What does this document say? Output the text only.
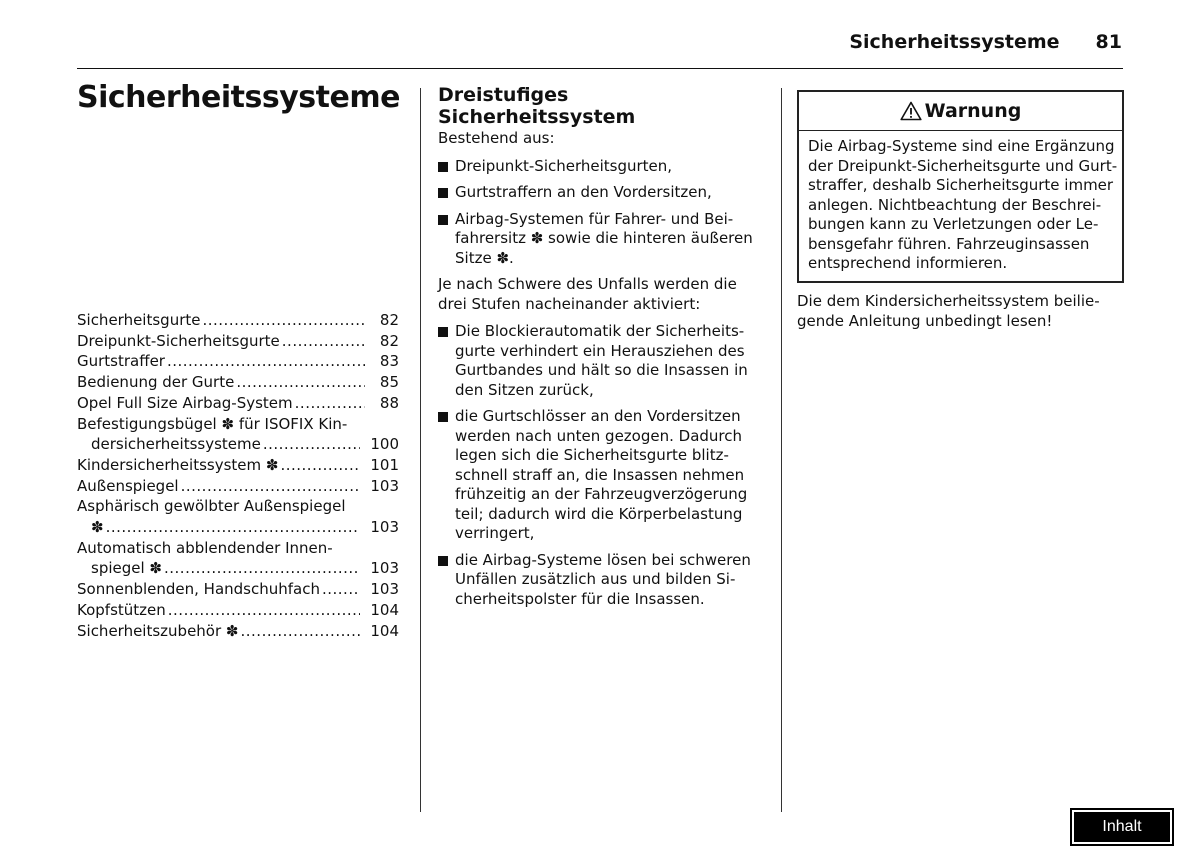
Sicherheitssysteme 81
Sicherheitssysteme
Sicherheitsgurte .....	82
Dreipunkt-Sicherheitsgurte .....	82
Gurtstraffer .....	83
Bedienung der Gurte .....	85
Opel Full Size Airbag-System .....	88
Befestigungsbügel ✽ für ISOFIX Kin-
dersicherheitssysteme .....	100
Kindersicherheitssystem ✽ .....	101
Außenspiegel .....	103
Asphärisch gewölbter Außenspiegel
✽ .....	103
Automatisch abblendender Innen-
spiegel ✽ .....	103
Sonnenblenden, Handschuhfach .....	103
Kopfstützen .....	104
Sicherheitszubehör ✽ .....	104
Dreistufiges Sicherheitssystem

Bestehend aus:

Dreipunkt-Sicherheitsgurten,
Gurtstraffern an den Vordersitzen,
Airbag-Systemen für Fahrer- und Bei-
fahrersitz ✽ sowie die hinteren äußeren
Sitze ✽.

Je nach Schwere des Unfalls werden die
drei Stufen nacheinander aktiviert:

Die Blockierautomatik der Sicherheits-
gurte verhindert ein Herausziehen des
Gurtbandes und hält so die Insassen in
den Sitzen zurück,
die Gurtschlösser an den Vordersitzen
werden nach unten gezogen. Dadurch
legen sich die Sicherheitsgurte blitz-
schnell straff an, die Insassen nehmen
frühzeitig an der Fahrzeugverzögerung
teil; dadurch wird die Körperbelastung
verringert,
die Airbag-Systeme lösen bei schweren
Unfällen zusätzlich aus und bilden Si-
cherheitspolster für die Insassen.
Warnung
Die Airbag-Systeme sind eine Ergänzung
der Dreipunkt-Sicherheitsgurte und Gurt-
straffer, deshalb Sicherheitsgurte immer
anlegen. Nichtbeachtung der Beschrei-
bungen kann zu Verletzungen oder Le-
bensgefahr führen. Fahrzeuginsassen
entsprechend informieren.
Die dem Kindersicherheitssystem beilie-
gende Anleitung unbedingt lesen!
Inhalt
